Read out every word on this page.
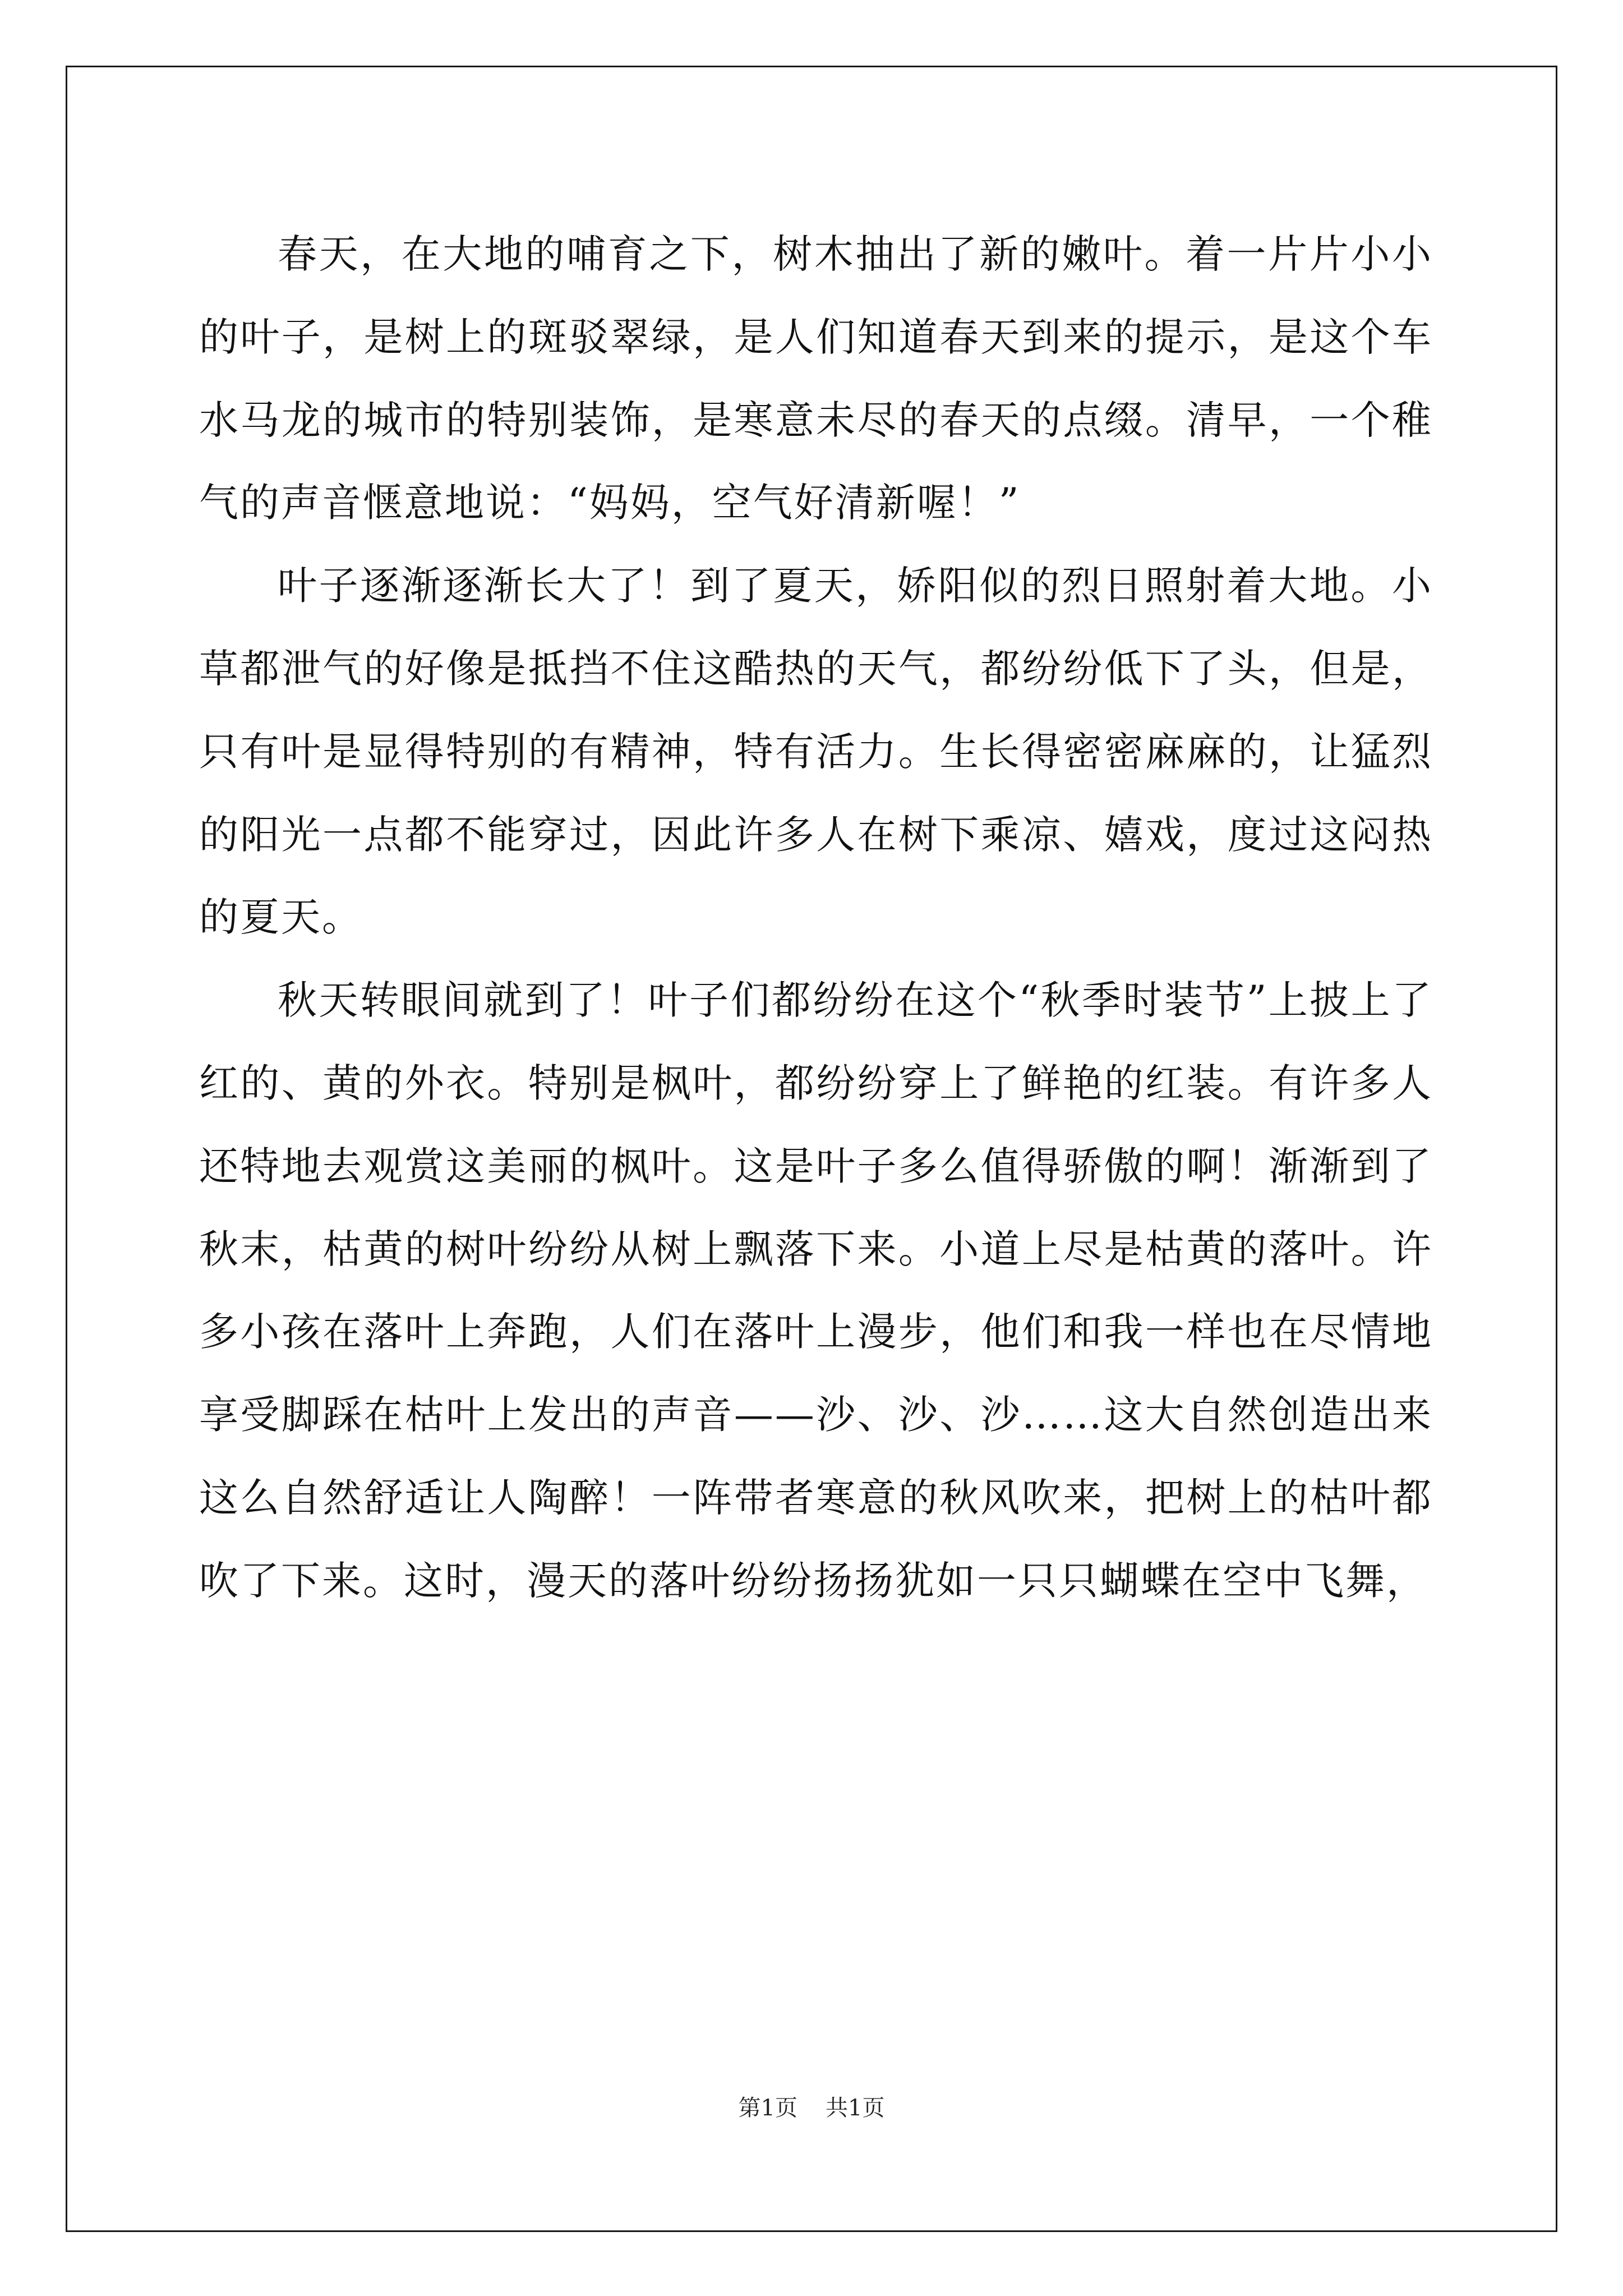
春天，在大地的哺育之下，树木抽出了新的嫩叶。着一片片小小的叶子，是树上的斑驳翠绿，是人们知道春天到来的提示，是这个车水马龙的城市的特别装饰，是寒意未尽的春天的点缀。清早，一个稚气的声音惬意地说：“妈妈，空气好清新喔！”

叶子逐渐逐渐长大了！到了夏天，娇阳似的烈日照射着大地。小草都泄气的好像是抵挡不住这酷热的天气，都纷纷低下了头，但是，只有叶是显得特别的有精神，特有活力。生长得密密麻麻的，让猛烈的阳光一点都不能穿过，因此许多人在树下乘凉、嬉戏，度过这闷热的夏天。

秋天转眼间就到了！叶子们都纷纷在这个“秋季时装节”上披上了红的、黄的外衣。特别是枫叶，都纷纷穿上了鲜艳的红装。有许多人还特地去观赏这美丽的枫叶。这是叶子多么值得骄傲的啊！渐渐到了秋末，枯黄的树叶纷纷从树上飘落下来。小道上尽是枯黄的落叶。许多小孩在落叶上奔跑，人们在落叶上漫步，他们和我一样也在尽情地享受脚踩在枯叶上发出的声音——沙、沙、沙……这大自然创造出来这么自然舒适让人陶醉！一阵带者寒意的秋风吹来，把树上的枯叶都吹了下来。这时，漫天的落叶纷纷扬扬犹如一只只蝴蝶在空中飞舞，

第1页 共1页
